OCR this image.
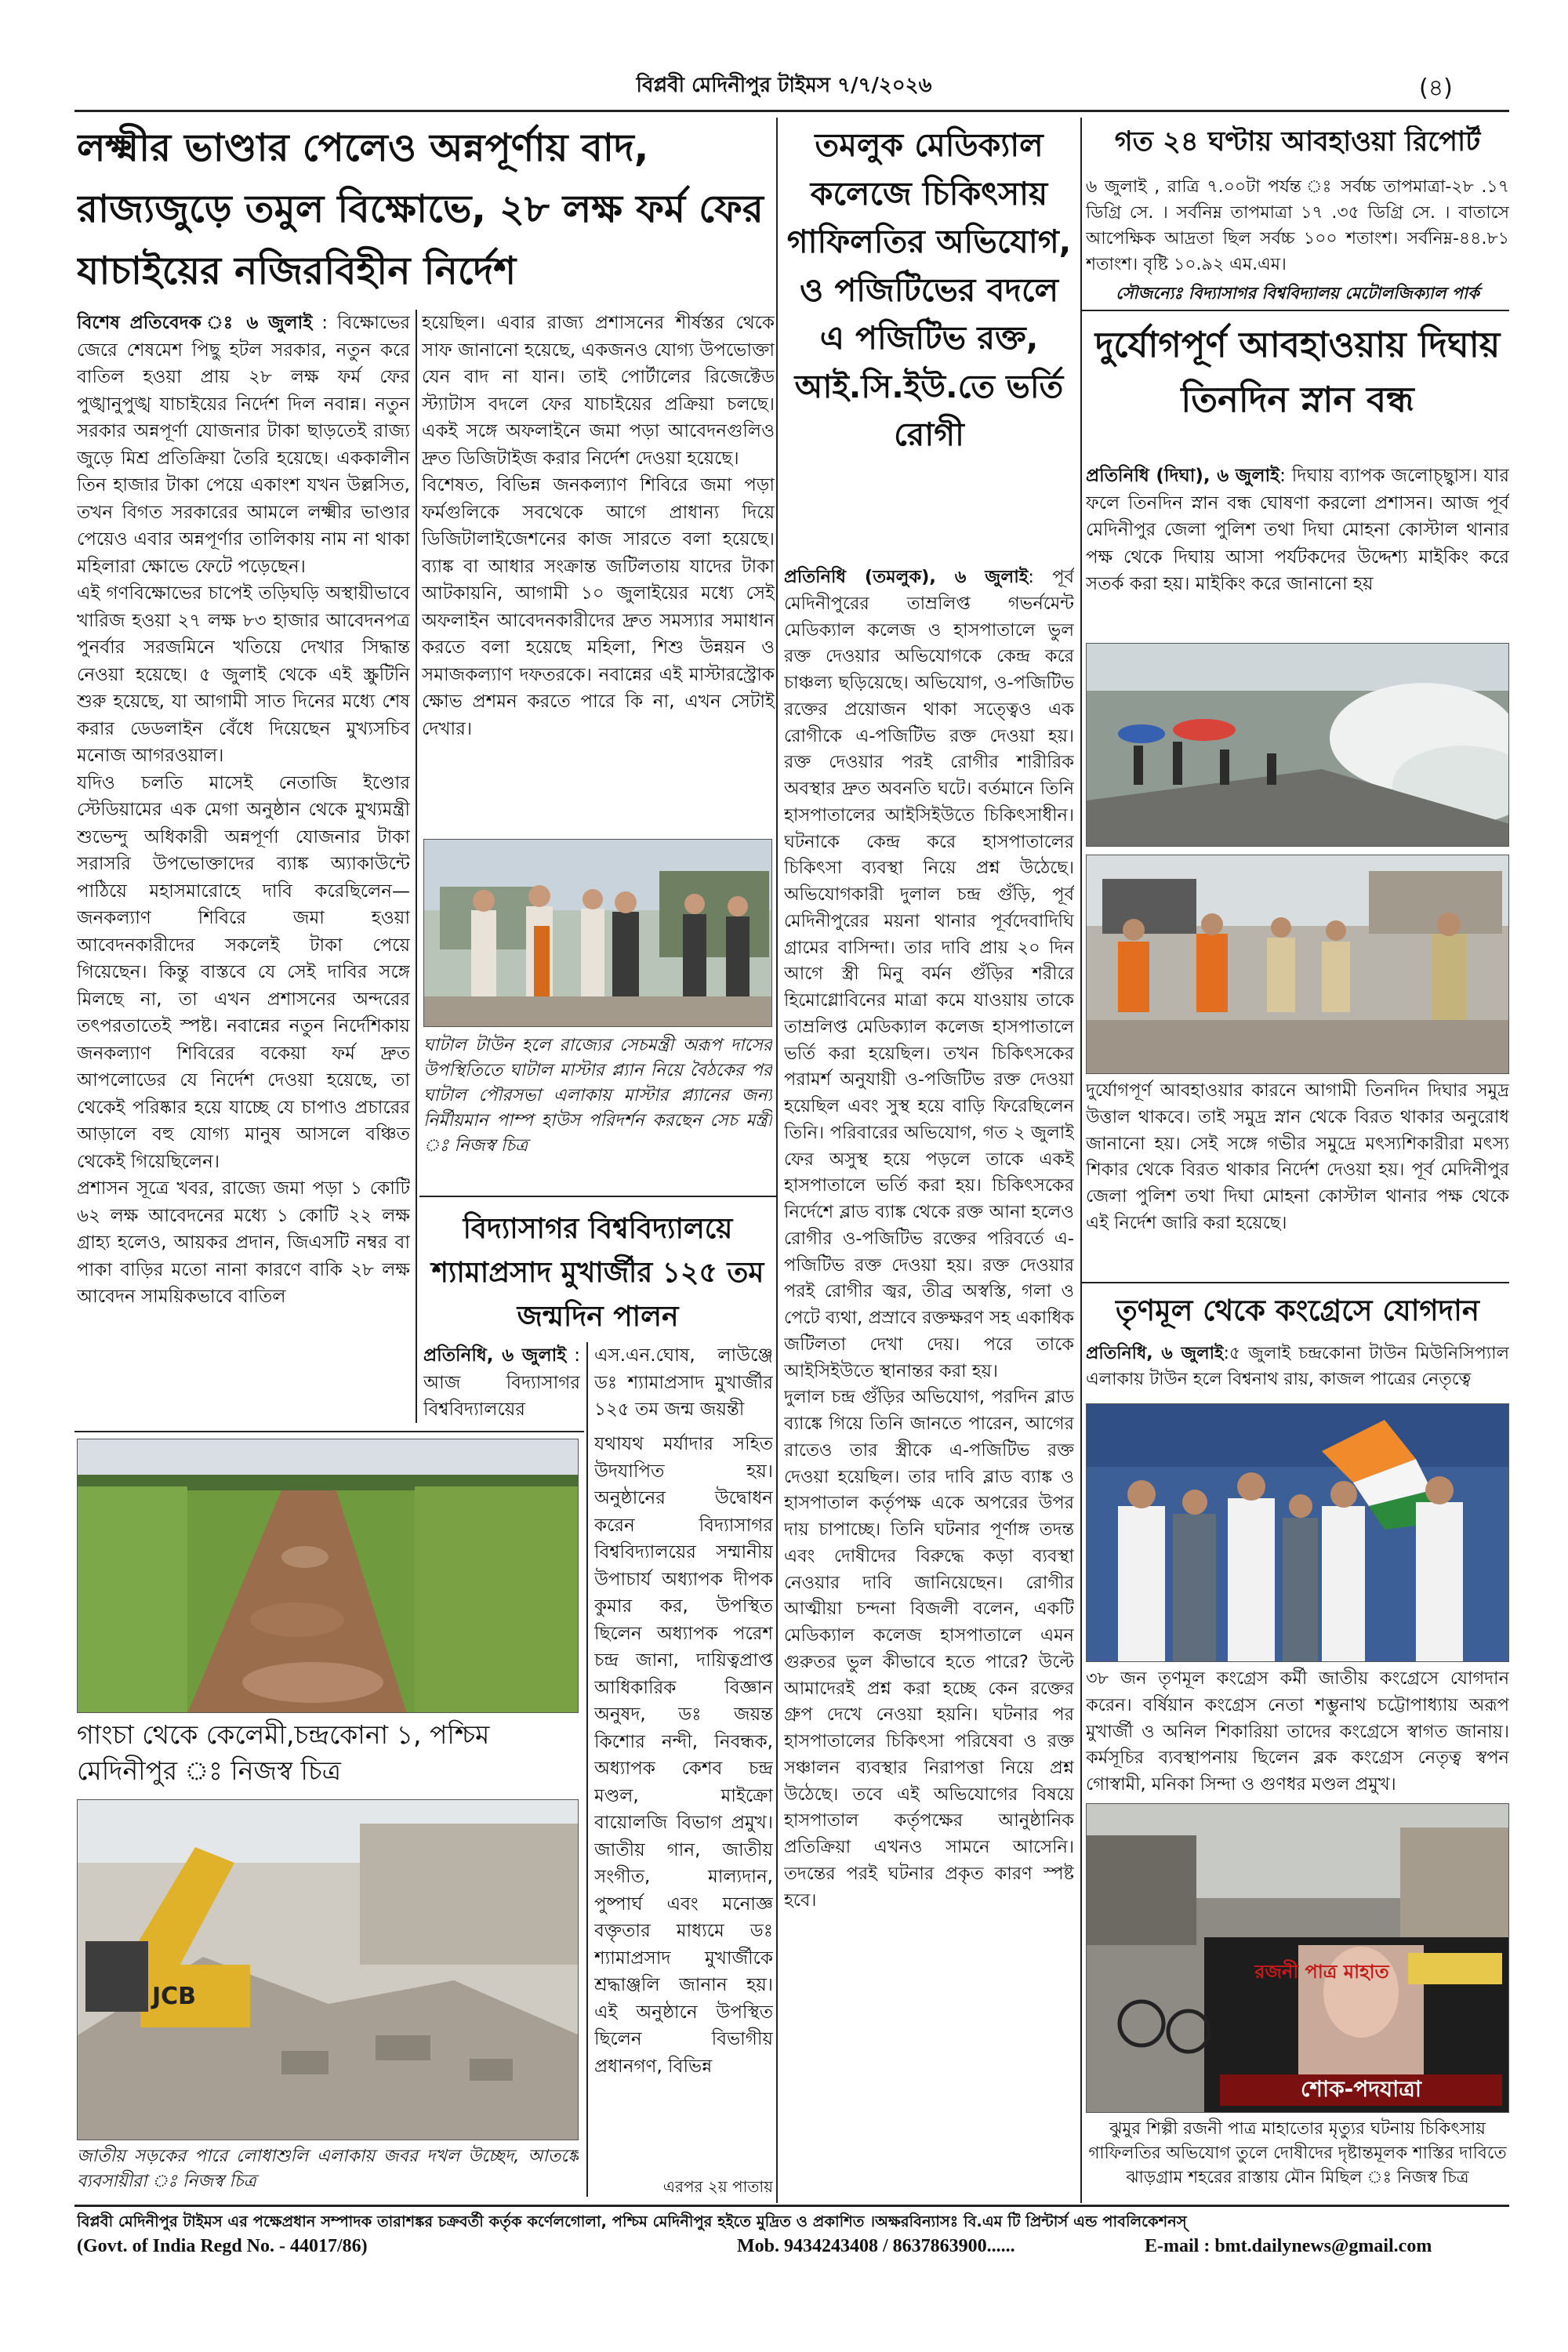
বিপ্লবী মেদিনীপুর টাইমস ৭/৭/২০২৬	(৪)
লক্ষ্মীর ভাণ্ডার পেলেও অন্নপূর্ণায় বাদ, রাজ্যজুড়ে তমুল বিক্ষোভে, ২৮ লক্ষ ফর্ম ফের যাচাইয়ের নজিরবিহীন নির্দেশ
বিশেষ প্রতিবেদক ঃ ৬ জুলাই : বিক্ষোভের জেরে শেষমেশ পিছু হটল সরকার, নতুন করে বাতিল হওয়া প্রায় ২৮ লক্ষ ফর্ম ফের পুঙ্খানুপুঙ্খ যাচাইয়ের নির্দেশ দিল নবান্ন। নতুন সরকার অন্নপূর্ণা যোজনার টাকা ছাড়তেই রাজ্য জুড়ে মিশ্র প্রতিক্রিয়া তৈরি হয়েছে। এককালীন তিন হাজার টাকা পেয়ে একাংশ যখন উল্লসিত, তখন বিগত সরকারের আমলে লক্ষ্মীর ভাণ্ডার পেয়েও এবার অন্নপূর্ণার তালিকায় নাম না থাকা মহিলারা ক্ষোভে ফেটে পড়েছেন।
এই গণবিক্ষোভের চাপেই তড়িঘড়ি অস্থায়ীভাবে খারিজ হওয়া ২৭ লক্ষ ৮৩ হাজার আবেদনপত্র পুনর্বার সরজমিনে খতিয়ে দেখার সিদ্ধান্ত নেওয়া হয়েছে। ৫ জুলাই থেকে এই স্ক্রুটিনি শুরু হয়েছে, যা আগামী সাত দিনের মধ্যে শেষ করার ডেডলাইন বেঁধে দিয়েছেন মুখ্যসচিব মনোজ আগরওয়াল।
যদিও চলতি মাসেই নেতাজি ইণ্ডোর স্টেডিয়ামের এক মেগা অনুষ্ঠান থেকে মুখ্যমন্ত্রী শুভেন্দু অধিকারী অন্নপূর্ণা যোজনার টাকা সরাসরি উপভোক্তাদের ব্যাঙ্ক অ্যাকাউন্টে পাঠিয়ে মহাসমারোহে দাবি করেছিলেন— জনকল্যাণ শিবিরে জমা হওয়া আবেদনকারীদের সকলেই টাকা পেয়ে গিয়েছেন। কিন্তু বাস্তবে যে সেই দাবির সঙ্গে মিলছে না, তা এখন প্রশাসনের অন্দরের তৎপরতাতেই স্পষ্ট। নবান্নের নতুন নির্দেশিকায় জনকল্যাণ শিবিরের বকেয়া ফর্ম দ্রুত আপলোডের যে নির্দেশ দেওয়া হয়েছে, তা থেকেই পরিষ্কার হয়ে যাচ্ছে যে চাপাও প্রচারের আড়ালে বহু যোগ্য মানুষ আসলে বঞ্চিত থেকেই গিয়েছিলেন।
প্রশাসন সূত্রে খবর, রাজ্যে জমা পড়া ১ কোটি ৬২ লক্ষ আবেদনের মধ্যে ১ কোটি ২২ লক্ষ গ্রাহ্য হলেও, আয়কর প্রদান, জিএসটি নম্বর বা পাকা বাড়ির মতো নানা কারণে বাকি ২৮ লক্ষ আবেদন সাময়িকভাবে বাতিল
হয়েছিল। এবার রাজ্য প্রশাসনের শীর্ষস্তর থেকে সাফ জানানো হয়েছে, একজনও যোগ্য উপভোক্তা যেন বাদ না যান। তাই পোর্টালের রিজেক্টেড স্ট্যাটাস বদলে ফের যাচাইয়ের প্রক্রিয়া চলছে। একই সঙ্গে অফলাইনে জমা পড়া আবেদনগুলিও দ্রুত ডিজিটাইজ করার নির্দেশ দেওয়া হয়েছে।
বিশেষত, বিভিন্ন জনকল্যাণ শিবিরে জমা পড়া ফর্মগুলিকে সবথেকে আগে প্রাধান্য দিয়ে ডিজিটালাইজেশনের কাজ সারতে বলা হয়েছে। ব্যাঙ্ক বা আধার সংক্রান্ত জটিলতায় যাদের টাকা আটকায়নি, আগামী ১০ জুলাইয়ের মধ্যে সেই অফলাইন আবেদনকারীদের দ্রুত সমস্যার সমাধান করতে বলা হয়েছে মহিলা, শিশু উন্নয়ন ও সমাজকল্যাণ দফতরকে। নবান্নের এই মাস্টারস্ট্রোক ক্ষোভ প্রশমন করতে পারে কি না, এখন সেটাই দেখার।
ঘাটাল টাউন হলে রাজ্যের সেচমন্ত্রী অরূপ দাসের উপস্থিতিতে ঘাটাল মাস্টার প্ল্যান নিয়ে বৈঠকের পর ঘাটাল পৌরসভা এলাকায় মাস্টার প্ল্যানের জন্য নির্মীয়মান পাম্প হাউস পরিদর্শন করছেন সেচ মন্ত্রী ঃ নিজস্ব চিত্র
বিদ্যাসাগর বিশ্ববিদ্যালয়ে শ্যামাপ্রসাদ মুখার্জীর ১২৫ তম জন্মদিন পালন
প্রতিনিধি, ৬ জুলাই : আজ বিদ্যাসাগর বিশ্ববিদ্যালয়ের
এস.এন.ঘোষ, লাউঞ্জে ডঃ শ্যামাপ্রসাদ মুখার্জীর ১২৫ তম জন্ম জয়ন্তী
যথাযথ মর্যাদার সহিত উদযাপিত হয়। অনুষ্ঠানের উদ্বোধন করেন বিদ্যাসাগর বিশ্ববিদ্যালয়ের সম্মানীয় উপাচার্য অধ্যাপক দীপক কুমার কর, উপস্থিত ছিলেন অধ্যাপক পরেশ চন্দ্র জানা, দায়িত্বপ্রাপ্ত আধিকারিক বিজ্ঞান অনুষদ, ডঃ জয়ন্ত কিশোর নন্দী, নিবন্ধক, অধ্যাপক কেশব চন্দ্র মণ্ডল, মাইক্রো বায়োলজি বিভাগ প্রমুখ। জাতীয় গান, জাতীয় সংগীত, মাল্যদান, পুষ্পার্ঘ এবং মনোজ্ঞ বক্তৃতার মাধ্যমে ডঃ শ্যামাপ্রসাদ মুখার্জীকে শ্রদ্ধাঞ্জলি জানান হয়। এই অনুষ্ঠানে উপস্থিত ছিলেন বিভাগীয় প্রধানগণ, বিভিন্ন
এরপর ২য় পাতায়
গাংচা থেকে কেলেমী,চন্দ্রকোনা ১, পশ্চিম মেদিনীপুর ঃ নিজস্ব চিত্র
JCB
জাতীয় সড়কের পারে লোধাশুলি এলাকায় জবর দখল উচ্ছেদ, আতঙ্কে ব্যবসায়ীরা ঃ নিজস্ব চিত্র
তমলুক মেডিক্যাল কলেজে চিকিৎসায় গাফিলতির অভিযোগ, ও পজিটিভের বদলে এ পজিটিভ রক্ত, আই.সি.ইউ.তে ভর্তি রোগী
প্রতিনিধি (তমলুক), ৬ জুলাই: পূর্ব মেদিনীপুরের তাম্রলিপ্ত গভর্নমেন্ট মেডিক্যাল কলেজ ও হাসপাতালে ভুল রক্ত দেওয়ার অভিযোগকে কেন্দ্র করে চাঞ্চল্য ছড়িয়েছে। অভিযোগ, ও-পজিটিভ রক্তের প্রয়োজন থাকা সত্ত্বেও এক রোগীকে এ-পজিটিভ রক্ত দেওয়া হয়। রক্ত দেওয়ার পরই রোগীর শারীরিক অবস্থার দ্রুত অবনতি ঘটে। বর্তমানে তিনি হাসপাতালের আইসিইউতে চিকিৎসাধীন। ঘটনাকে কেন্দ্র করে হাসপাতালের চিকিৎসা ব্যবস্থা নিয়ে প্রশ্ন উঠেছে। অভিযোগকারী দুলাল চন্দ্র গুঁড়ি, পূর্ব মেদিনীপুরের ময়না থানার পূর্বদেবাদিঘি গ্রামের বাসিন্দা। তার দাবি প্রায় ২০ দিন আগে স্ত্রী মিনু বর্মন গুঁড়ির শরীরে হিমোগ্লোবিনের মাত্রা কমে যাওয়ায় তাকে তাম্রলিপ্ত মেডিক্যাল কলেজ হাসপাতালে ভর্তি করা হয়েছিল। তখন চিকিৎসকের পরামর্শ অনুযায়ী ও-পজিটিভ রক্ত দেওয়া হয়েছিল এবং সুস্থ হয়ে বাড়ি ফিরেছিলেন তিনি। পরিবারের অভিযোগ, গত ২ জুলাই ফের অসুস্থ হয়ে পড়লে তাকে একই হাসপাতালে ভর্তি করা হয়। চিকিৎসকের নির্দেশে ব্লাড ব্যাঙ্ক থেকে রক্ত আনা হলেও রোগীর ও-পজিটিভ রক্তের পরিবর্তে এ-পজিটিভ রক্ত দেওয়া হয়। রক্ত দেওয়ার পরই রোগীর জ্বর, তীব্র অস্বস্তি, গলা ও পেটে ব্যথা, প্রস্রাবে রক্তক্ষরণ সহ একাধিক জটিলতা দেখা দেয়। পরে তাকে আইসিইউতে স্থানান্তর করা হয়।
দুলাল চন্দ্র গুঁড়ির অভিযোগ, পরদিন ব্লাড ব্যাঙ্কে গিয়ে তিনি জানতে পারেন, আগের রাতেও তার স্ত্রীকে এ-পজিটিভ রক্ত দেওয়া হয়েছিল। তার দাবি ব্লাড ব্যাঙ্ক ও হাসপাতাল কর্তৃপক্ষ একে অপরের উপর দায় চাপাচ্ছে। তিনি ঘটনার পূর্ণাঙ্গ তদন্ত এবং দোষীদের বিরুদ্ধে কড়া ব্যবস্থা নেওয়ার দাবি জানিয়েছেন। রোগীর আত্মীয়া চন্দনা বিজলী বলেন, একটি মেডিক্যাল কলেজ হাসপাতালে এমন গুরুতর ভুল কীভাবে হতে পারে? উল্টে আমাদেরই প্রশ্ন করা হচ্ছে কেন রক্তের গ্রুপ দেখে নেওয়া হয়নি। ঘটনার পর হাসপাতালের চিকিৎসা পরিষেবা ও রক্ত সঞ্চালন ব্যবস্থার নিরাপত্তা নিয়ে প্রশ্ন উঠেছে। তবে এই অভিযোগের বিষয়ে হাসপাতাল কর্তৃপক্ষের আনুষ্ঠানিক প্রতিক্রিয়া এখনও সামনে আসেনি। তদন্তের পরই ঘটনার প্রকৃত কারণ স্পষ্ট হবে।
গত ২৪ ঘণ্টায় আবহাওয়া রিপোর্ট
৬ জুলাই , রাত্রি ৭.০০টা পর্যন্ত ঃ সর্বচ্চ তাপমাত্রা-২৮ .১৭ ডিগ্রি সে. । সর্বনিম্ন তাপমাত্রা ১৭ .৩৫ ডিগ্রি সে. । বাতাসে আপেক্ষিক আদ্রতা ছিল সর্বচ্চ ১০০ শতাংশ। সর্বনিম্ন-৪৪.৮১ শতাংশ। বৃষ্টি ১০.৯২ এম.এম।
সৌজন্যেঃ বিদ্যাসাগর বিশ্ববিদ্যালয় মেটোলজিক্যাল পার্ক
দুর্যোগপূর্ণ আবহাওয়ায় দিঘায় তিনদিন স্নান বন্ধ
প্রতিনিধি (দিঘা), ৬ জুলাই: দিঘায় ব্যাপক জলোচ্ছ্বাস। যার ফলে তিনদিন স্নান বন্ধ ঘোষণা করলো প্রশাসন। আজ পূর্ব মেদিনীপুর জেলা পুলিশ তথা দিঘা মোহনা কোস্টাল থানার পক্ষ থেকে দিঘায় আসা পর্যটকদের উদ্দেশ্য মাইকিং করে সতর্ক করা হয়। মাইকিং করে জানানো হয়
দুর্যোগপূর্ণ আবহাওয়ার কারনে আগামী তিনদিন দিঘার সমুদ্র উত্তাল থাকবে। তাই সমুদ্র স্নান থেকে বিরত থাকার অনুরোধ জানানো হয়। সেই সঙ্গে গভীর সমুদ্রে মৎস্যশিকারীরা মৎস্য শিকার থেকে বিরত থাকার নির্দেশ দেওয়া হয়। পূর্ব মেদিনীপুর জেলা পুলিশ তথা দিঘা মোহনা কোস্টাল থানার পক্ষ থেকে এই নির্দেশ জারি করা হয়েছে।
তৃণমূল থেকে কংগ্রেসে যোগদান
প্রতিনিধি, ৬ জুলাই:৫ জুলাই চন্দ্রকোনা টাউন মিউনিসিপ্যাল এলাকায় টাউন হলে বিশ্বনাথ রায়, কাজল পাত্রের নেতৃত্বে
৩৮ জন তৃণমূল কংগ্রেস কর্মী জাতীয় কংগ্রেসে যোগদান করেন। বর্ষিয়ান কংগ্রেস নেতা শম্ভুনাথ চট্টোপাধ্যায় অরূপ মুখার্জী ও অনিল শিকারিয়া তাদের কংগ্রেসে স্বাগত জানায়। কর্মসূচির ব্যবস্থাপনায় ছিলেন ব্লক কংগ্রেস নেতৃত্ব স্বপন গোস্বামী, মনিকা সিন্দা ও গুণধর মণ্ডল প্রমুখ।
রজনী পাত্র মাহাত
শোক-পদযাত্রা
ঝুমুর শিল্পী রজনী পাত্র মাহাতোর মৃত্যুর ঘটনায় চিকিৎসায় গাফিলতির অভিযোগ তুলে দোষীদের দৃষ্টান্তমূলক শাস্তির দাবিতে ঝাড়গ্রাম শহরের রাস্তায় মৌন মিছিল ঃ নিজস্ব চিত্র
বিপ্লবী মেদিনীপুর টাইমস এর পক্ষেপ্রধান সম্পাদক তারাশঙ্কর চক্রবর্তী কর্তৃক কর্ণেলগোলা, পশ্চিম মেদিনীপুর হইতে মুদ্রিত ও প্রকাশিত ।অক্ষরবিন্যাসঃ বি.এম টি প্রিন্টার্স এন্ড পাবলিকেশনস্
(Govt. of India Regd No. - 44017/86)	Mob. 9434243408 / 8637863900......	E-mail : bmt.dailynews@gmail.com
